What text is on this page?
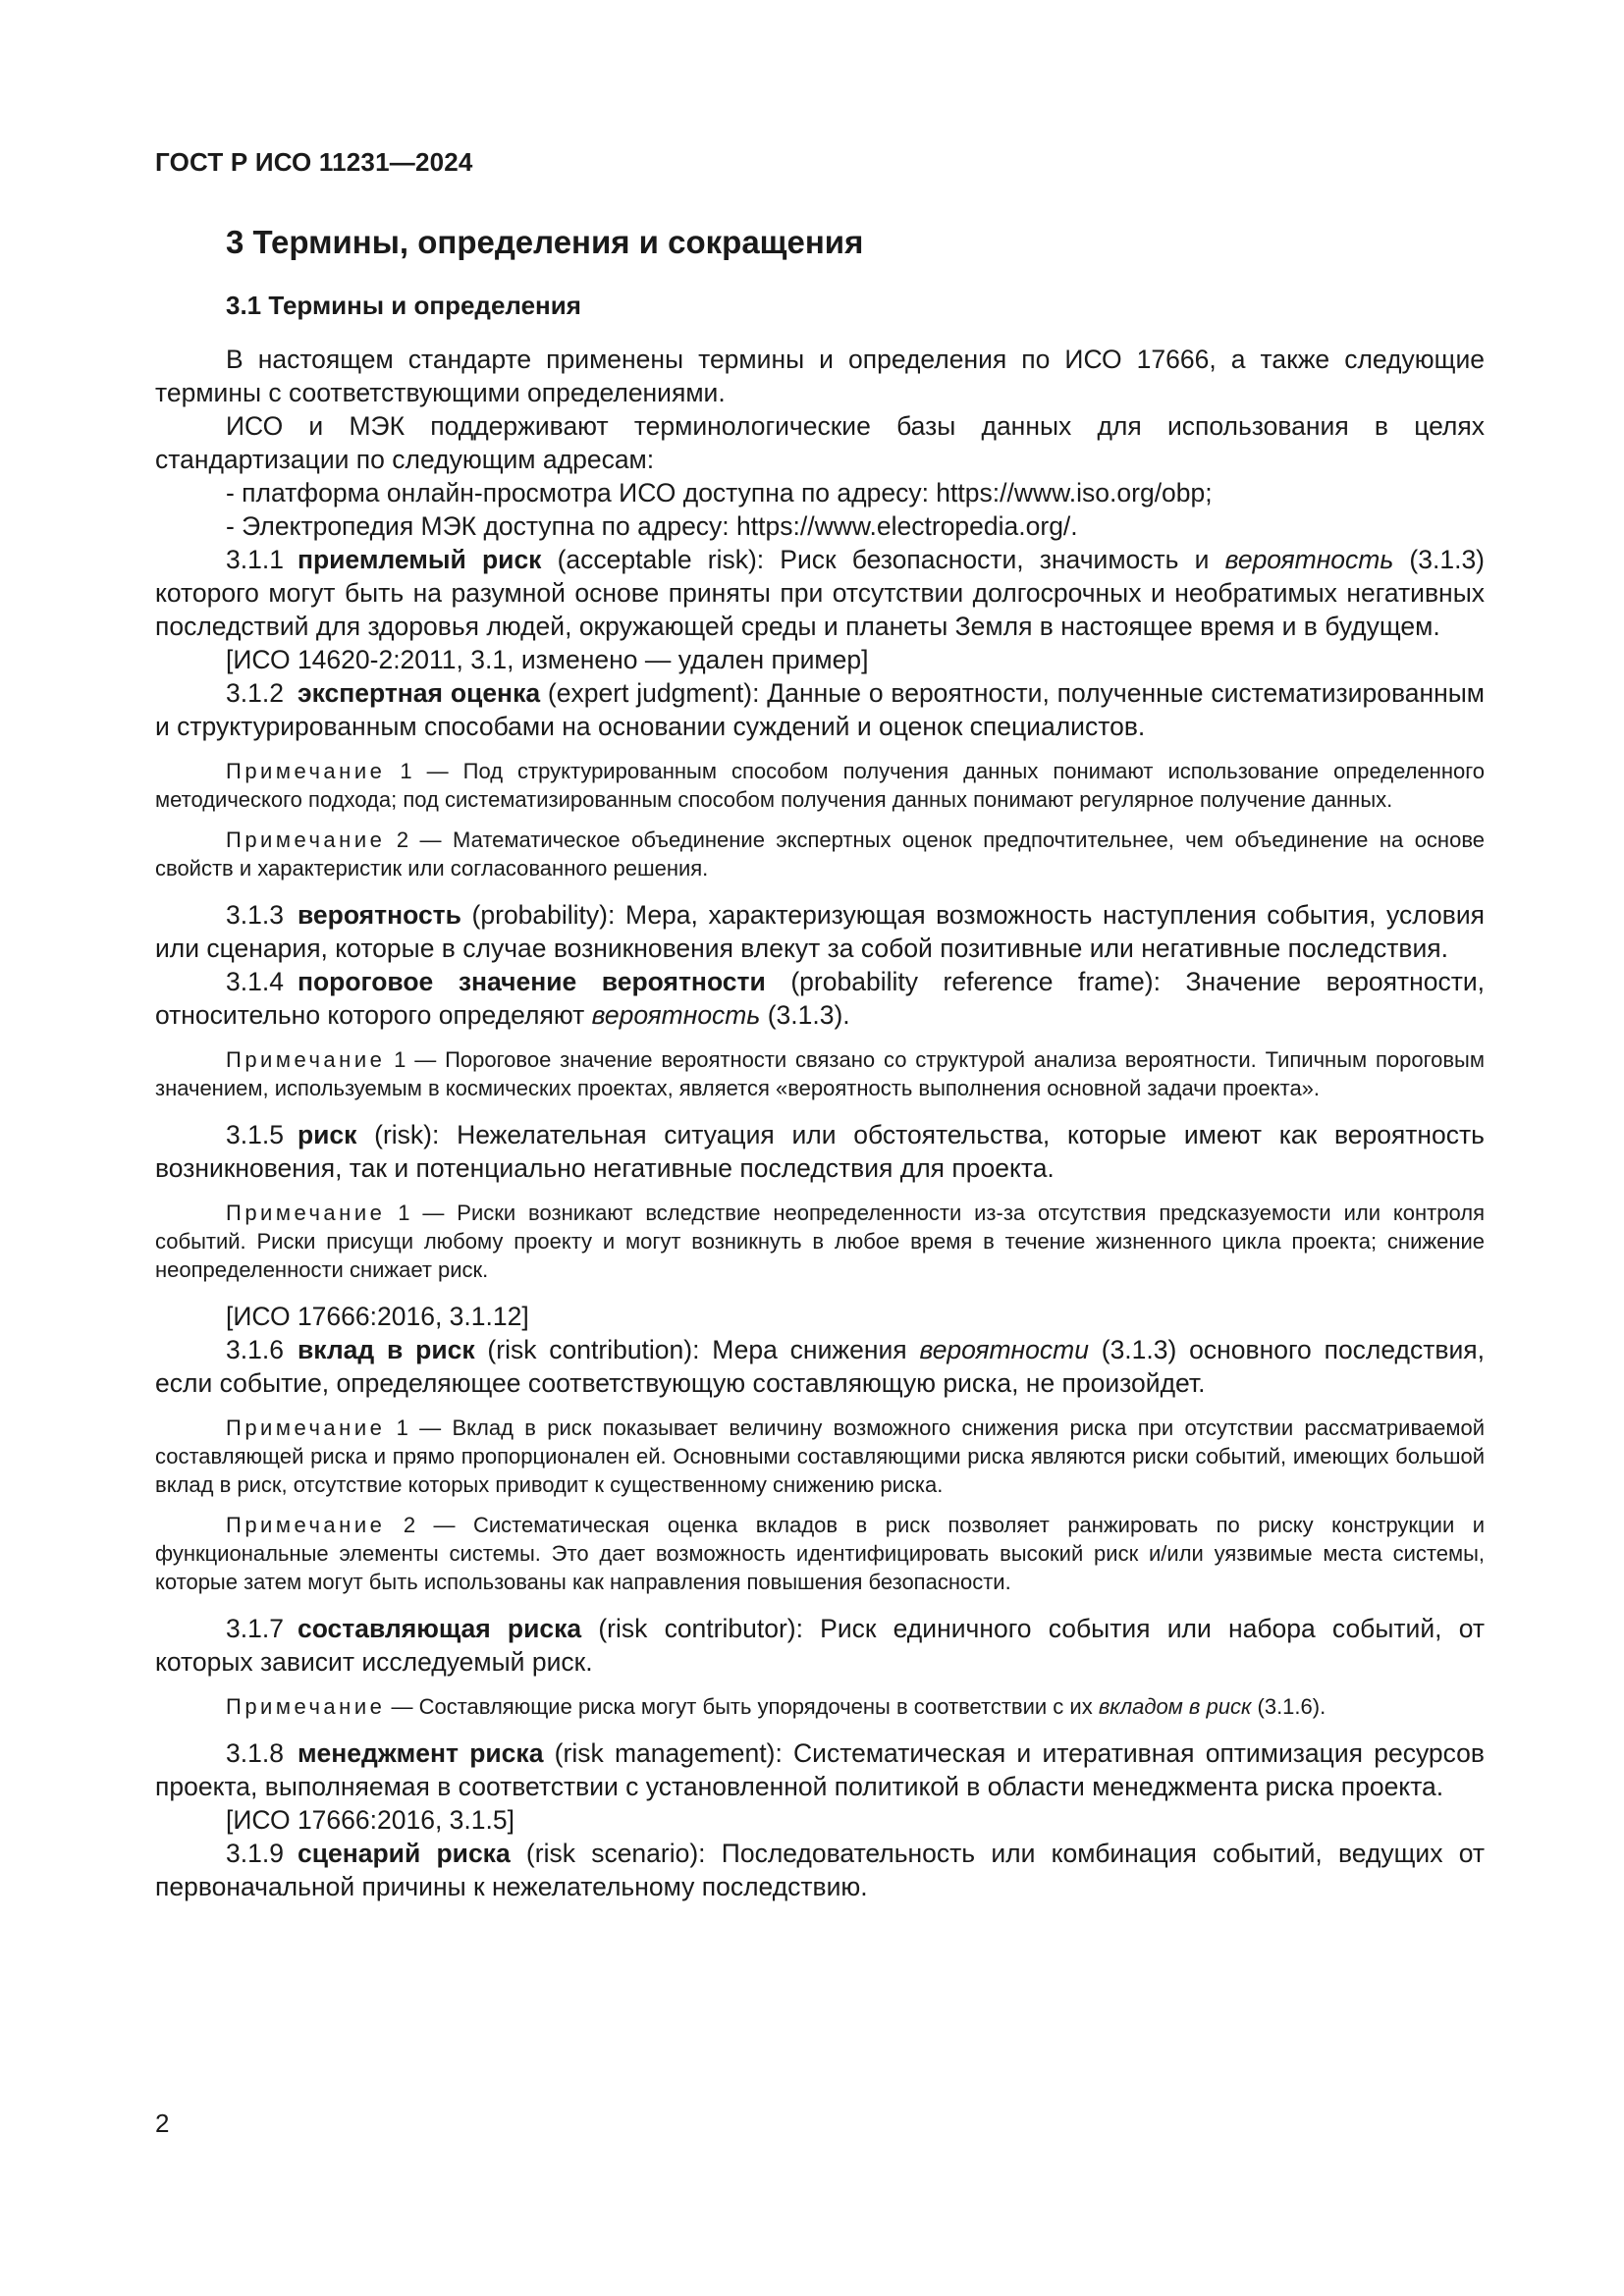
ГОСТ Р ИСО 11231—2024
3 Термины, определения и сокращения
3.1 Термины и определения

В настоящем стандарте применены термины и определения по ИСО 17666, а также следующие термины с соответствующими определениями.

ИСО и МЭК поддерживают терминологические базы данных для использования в целях стандартизации по следующим адресам:

- платформа онлайн-просмотра ИСО доступна по адресу: https://www.iso.org/obp;

- Электропедия МЭК доступна по адресу: https://www.electropedia.org/.

3.1.1 приемлемый риск (acceptable risk): Риск безопасности, значимость и вероятность (3.1.3) которого могут быть на разумной основе приняты при отсутствии долгосрочных и необратимых негативных последствий для здоровья людей, окружающей среды и планеты Земля в настоящее время и в будущем.

[ИСО 14620-2:2011, 3.1, изменено — удален пример]

3.1.2 экспертная оценка (expert judgment): Данные о вероятности, полученные систематизированным и структурированным способами на основании суждений и оценок специалистов.

Примечание 1 — Под структурированным способом получения данных понимают использование определенного методического подхода; под систематизированным способом получения данных понимают регулярное получение данных.

Примечание 2 — Математическое объединение экспертных оценок предпочтительнее, чем объединение на основе свойств и характеристик или согласованного решения.

3.1.3 вероятность (probability): Мера, характеризующая возможность наступления события, условия или сценария, которые в случае возникновения влекут за собой позитивные или негативные последствия.

3.1.4 пороговое значение вероятности (probability reference frame): Значение вероятности, относительно которого определяют вероятность (3.1.3).

Примечание 1 — Пороговое значение вероятности связано со структурой анализа вероятности. Типичным пороговым значением, используемым в космических проектах, является «вероятность выполнения основной задачи проекта».

3.1.5 риск (risk): Нежелательная ситуация или обстоятельства, которые имеют как вероятность возникновения, так и потенциально негативные последствия для проекта.

Примечание 1 — Риски возникают вследствие неопределенности из-за отсутствия предсказуемости или контроля событий. Риски присущи любому проекту и могут возникнуть в любое время в течение жизненного цикла проекта; снижение неопределенности снижает риск.

[ИСО 17666:2016, 3.1.12]

3.1.6 вклад в риск (risk contribution): Мера снижения вероятности (3.1.3) основного последствия, если событие, определяющее соответствующую составляющую риска, не произойдет.

Примечание 1 — Вклад в риск показывает величину возможного снижения риска при отсутствии рассматриваемой составляющей риска и прямо пропорционален ей. Основными составляющими риска являются риски событий, имеющих большой вклад в риск, отсутствие которых приводит к существенному снижению риска.

Примечание 2 — Систематическая оценка вкладов в риск позволяет ранжировать по риску конструкции и функциональные элементы системы. Это дает возможность идентифицировать высокий риск и/или уязвимые места системы, которые затем могут быть использованы как направления повышения безопасности.

3.1.7 составляющая риска (risk contributor): Риск единичного события или набора событий, от которых зависит исследуемый риск.

Примечание — Составляющие риска могут быть упорядочены в соответствии с их вкладом в риск (3.1.6).

3.1.8 менеджмент риска (risk management): Систематическая и итеративная оптимизация ресурсов проекта, выполняемая в соответствии с установленной политикой в области менеджмента риска проекта.

[ИСО 17666:2016, 3.1.5]

3.1.9 сценарий риска (risk scenario): Последовательность или комбинация событий, ведущих от первоначальной причины к нежелательному последствию.

2
